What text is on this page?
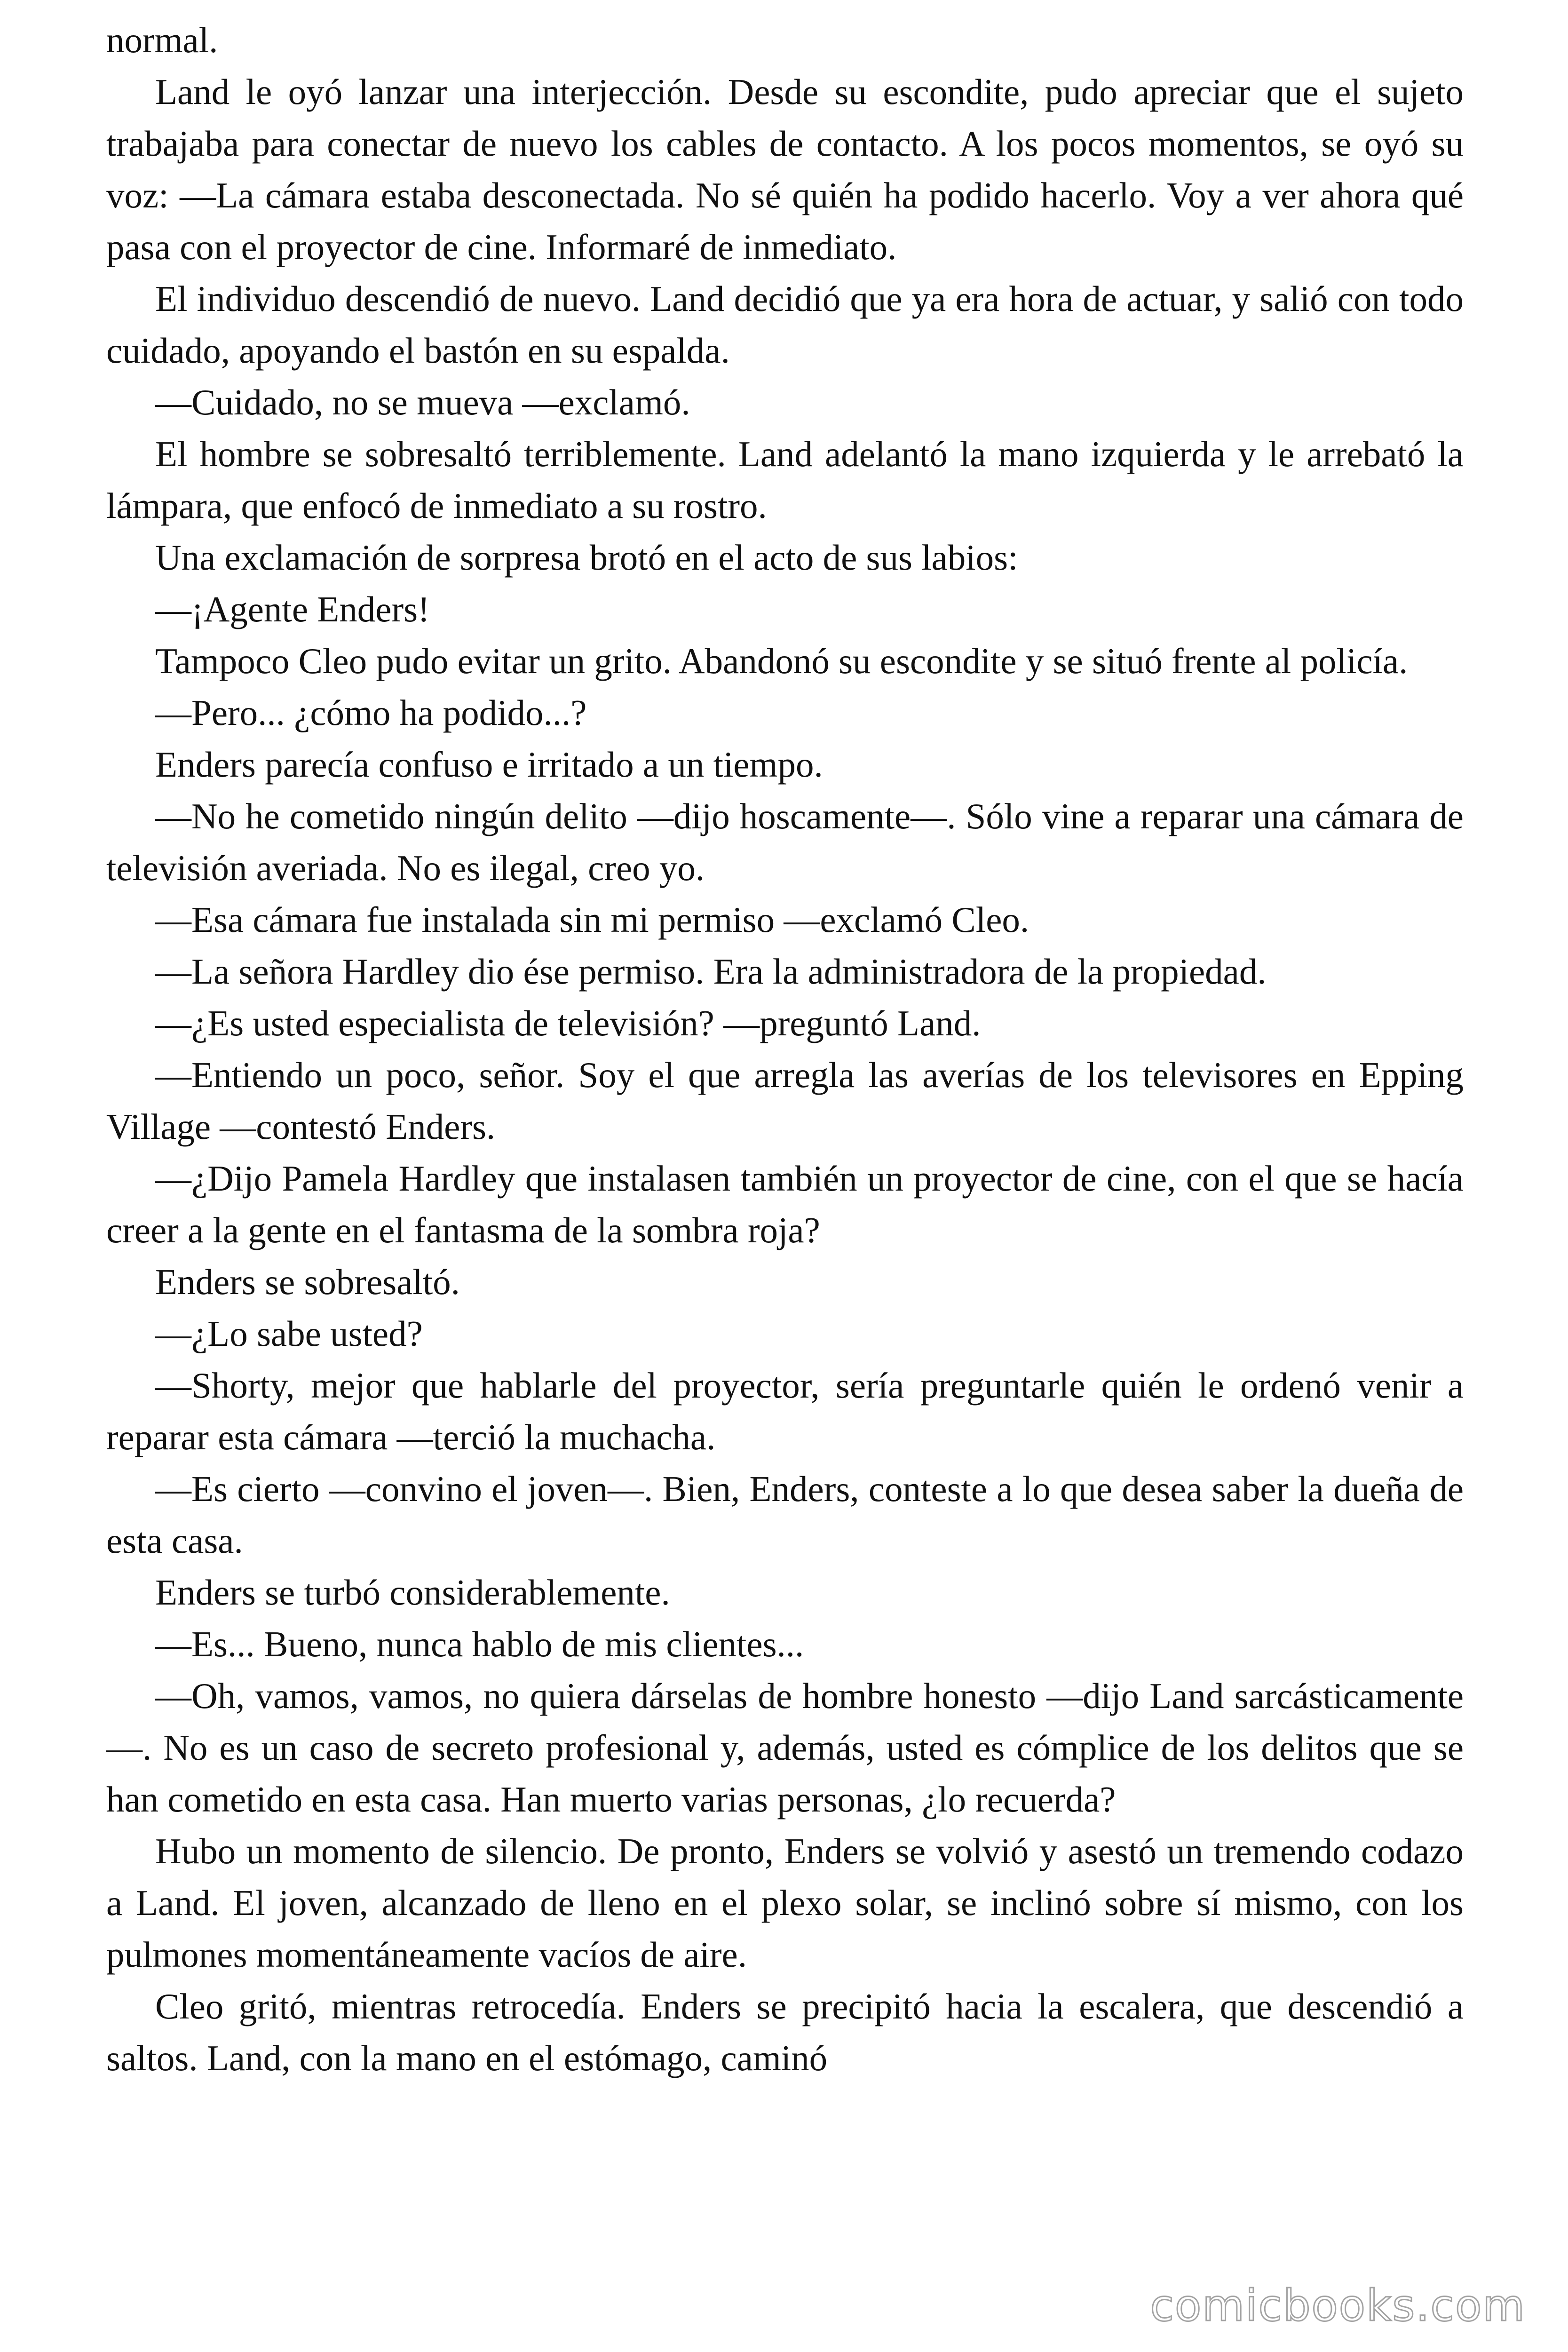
normal.

Land le oyó lanzar una interjección. Desde su escondite, pudo apreciar que el sujeto trabajaba para conectar de nuevo los cables de contacto. A los pocos momentos, se oyó su voz: —La cámara estaba desconectada. No sé quién ha podido hacerlo. Voy a ver ahora qué pasa con el proyector de cine. Informaré de inmediato.

El individuo descendió de nuevo. Land decidió que ya era hora de actuar, y salió con todo cuidado, apoyando el bastón en su espalda.

—Cuidado, no se mueva —exclamó.

El hombre se sobresaltó terriblemente. Land adelantó la mano izquierda y le arrebató la lámpara, que enfocó de inmediato a su rostro.

Una exclamación de sorpresa brotó en el acto de sus labios:

—¡Agente Enders!

Tampoco Cleo pudo evitar un grito. Abandonó su escondite y se situó frente al policía.

—Pero... ¿cómo ha podido...?

Enders parecía confuso e irritado a un tiempo.

—No he cometido ningún delito —dijo hoscamente—. Sólo vine a reparar una cámara de televisión averiada. No es ilegal, creo yo.

—Esa cámara fue instalada sin mi permiso —exclamó Cleo.

—La señora Hardley dio ése permiso. Era la administradora de la propiedad.

—¿Es usted especialista de televisión? —preguntó Land.

—Entiendo un poco, señor. Soy el que arregla las averías de los televisores en Epping Village —contestó Enders.

—¿Dijo Pamela Hardley que instalasen también un proyector de cine, con el que se hacía creer a la gente en el fantasma de la sombra roja?

Enders se sobresaltó.

—¿Lo sabe usted?

—Shorty, mejor que hablarle del proyector, sería preguntarle quién le ordenó venir a reparar esta cámara —terció la muchacha.

—Es cierto —convino el joven—. Bien, Enders, conteste a lo que desea saber la dueña de esta casa.

Enders se turbó considerablemente.

—Es... Bueno, nunca hablo de mis clientes...

—Oh, vamos, vamos, no quiera dárselas de hombre honesto —dijo Land sarcásticamente—. No es un caso de secreto profesional y, además, usted es cómplice de los delitos que se han cometido en esta casa. Han muerto varias personas, ¿lo recuerda?

Hubo un momento de silencio. De pronto, Enders se volvió y asestó un tremendo codazo a Land. El joven, alcanzado de lleno en el plexo solar, se inclinó sobre sí mismo, con los pulmones momentáneamente vacíos de aire.

Cleo gritó, mientras retrocedía. Enders se precipitó hacia la escalera, que descendió a saltos. Land, con la mano en el estómago, caminó

comicbooks.com
